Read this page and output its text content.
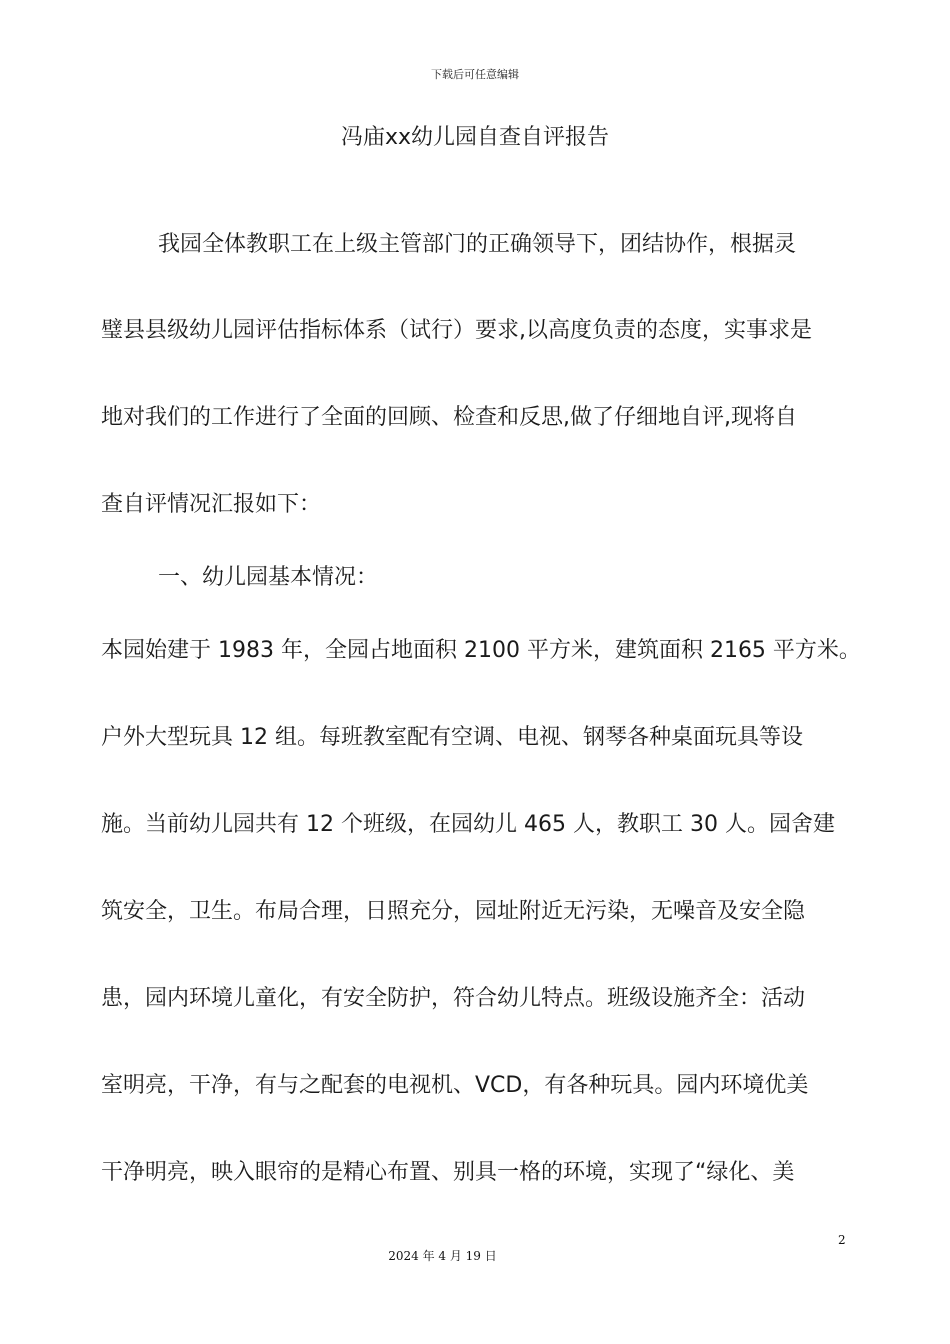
下载后可任意编辑
冯庙xx幼儿园自查自评报告
我园全体教职工在上级主管部门的正确领导下，团结协作，根据灵
璧县县级幼儿园评估指标体系（试行）要求,以高度负责的态度，实事求是
地对我们的工作进行了全面的回顾、检查和反思,做了仔细地自评,现将自
查自评情况汇报如下：
一、幼儿园基本情况：
本园始建于 1983 年，全园占地面积 2100 平方米，建筑面积 2165 平方米。
户外大型玩具 12 组。每班教室配有空调、电视、钢琴各种桌面玩具等设
施。当前幼儿园共有 12 个班级，在园幼儿 465 人，教职工 30 人。园舍建
筑安全，卫生。布局合理，日照充分，园址附近无污染，无噪音及安全隐
患，园内环境儿童化，有安全防护，符合幼儿特点。班级设施齐全：活动
室明亮，干净，有与之配套的电视机、VCD，有各种玩具。园内环境优美
干净明亮，映入眼帘的是精心布置、别具一格的环境，实现了“绿化、美
2
2024 年 4 月 19 日
